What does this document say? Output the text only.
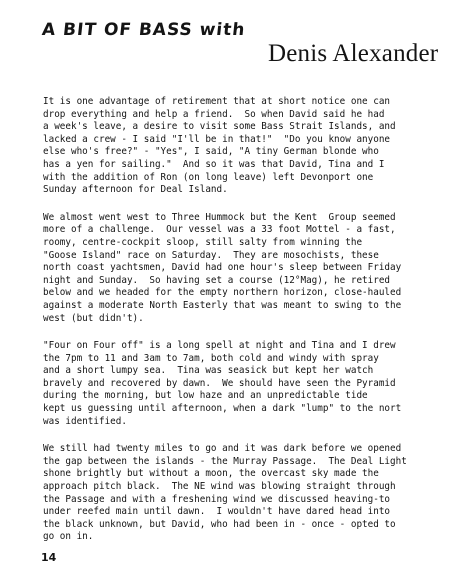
A BIT OF BASS with
Denis Alexander
It is one advantage of retirement that at short notice one can
drop everything and help a friend.  So when David said he had
a week's leave, a desire to visit some Bass Strait Islands, and
lacked a crew - I said "I'll be in that!"  "Do you know anyone
else who's free?" - "Yes", I said, "A tiny German blonde who
has a yen for sailing."  And so it was that David, Tina and I
with the addition of Ron (on long leave) left Devonport one
Sunday afternoon for Deal Island.
We almost went west to Three Hummock but the Kent  Group seemed
more of a challenge.  Our vessel was a 33 foot Mottel - a fast,
roomy, centre-cockpit sloop, still salty from winning the
"Goose Island" race on Saturday.  They are mosochists, these
north coast yachtsmen, David had one hour's sleep between Friday
night and Sunday.  So having set a course (12°Mag), he retired
below and we headed for the empty northern horizon, close-hauled
against a moderate North Easterly that was meant to swing to the
west (but didn't).
"Four on Four off" is a long spell at night and Tina and I drew
the 7pm to 11 and 3am to 7am, both cold and windy with spray
and a short lumpy sea.  Tina was seasick but kept her watch
bravely and recovered by dawn.  We should have seen the Pyramid
during the morning, but low haze and an unpredictable tide
kept us guessing until afternoon, when a dark "lump" to the nort
was identified.
We still had twenty miles to go and it was dark before we opened
the gap between the islands - the Murray Passage.  The Deal Light
shone brightly but without a moon, the overcast sky made the
approach pitch black.  The NE wind was blowing straight through
the Passage and with a freshening wind we discussed heaving-to
under reefed main until dawn.  I wouldn't have dared head into
the black unknown, but David, who had been in - once - opted to
go on in.
14
